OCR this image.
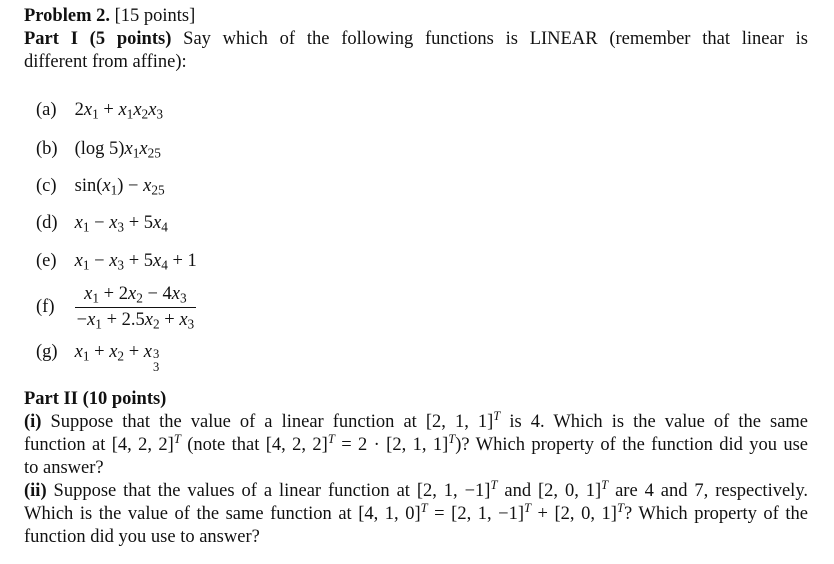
Problem 2. [15 points]
Part I (5 points) Say which of the following functions is LINEAR (remember that linear is
different from affine):
(a) $2x_1 + x_1x_2x_3$
(b) (log $5)x_1x_{25}$
(c) $\sin(x_1) - x_{25}$
(d) $x_1 - x_3 + 5x_4$
(e) $x_1 - x_3 + 5x_4 + 1$
$(f) \frac{x_1 + 2x_2 - 4x_3}{-x_1 + 2.5x_2 + x_3}$
(g) $x_1 + x_2 + x$ 3
3
Part II (10 points)
(i) Suppose that the value of a linear function at [2, 1, 1]$^T$ is 4. Which is the value of the same
function at [4, 2, 2]$^T$ (note that [4, 2, 2]$^T$ = 2 · [2, 1, 1]$^T$)? Which property of the function did you use
to answer?
(ii) Suppose that the values of a linear function at [2, 1, −1]$^T$ and [2, 0, 1]$^T$ are 4 and 7, respectively.
Which is the value of the same function at [4, 1, 0]$^T$ = [2, 1, −1]$^T$ + [2, 0, 1]$^T$? Which property of the
function did you use to answer?
